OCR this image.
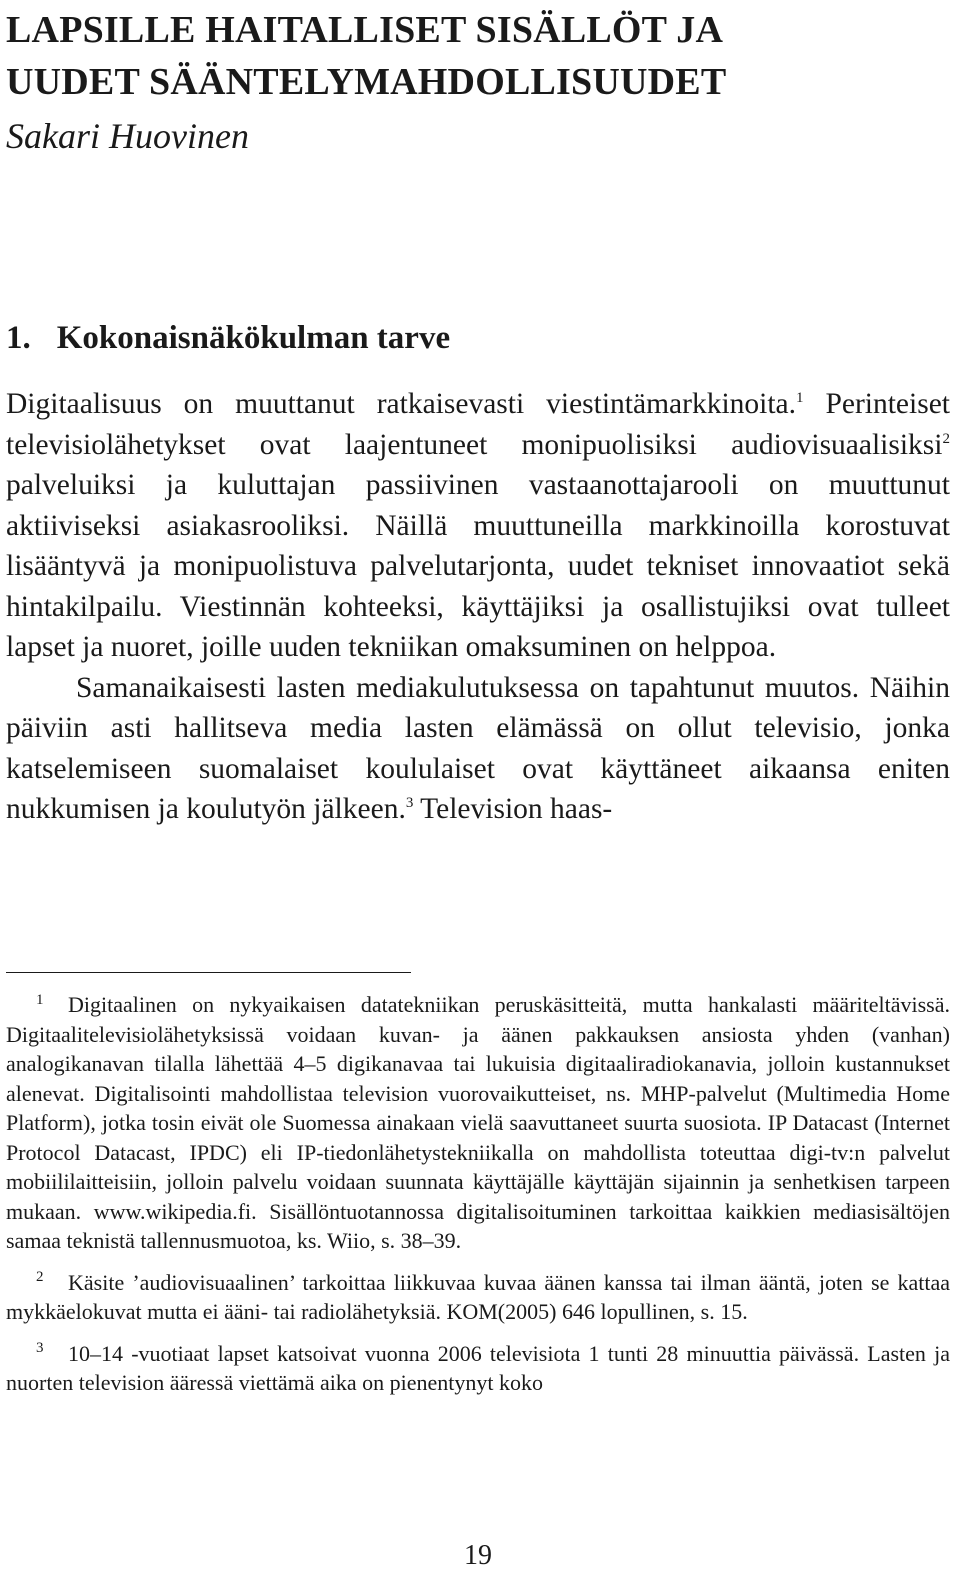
LAPSILLE HAITALLISET SISÄLLÖT JA
UUDET SÄÄNTELYMAHDOLLISUUDET
Sakari Huovinen
1. Kokonaisnäkökulman tarve

Digitaalisuus on muuttanut ratkaisevasti viestintämarkkinoita.$^1$ Perinteiset televisiolähetykset ovat laajentuneet monipuolisiksi audiovisuaalisiksi$^2$ palveluiksi ja kuluttajan passiivinen vastaanottajarooli on muuttunut aktiiviseksi asiakasrooliksi. Näillä muuttuneilla markkinoilla korostuvat lisääntyvä ja monipuolistuva palvelutarjonta, uudet tekniset innovaatiot sekä hintakilpailu. Viestinnän kohteeksi, käyttäjiksi ja osallistujiksi ovat tulleet lapset ja nuoret, joille uuden tekniikan omaksuminen on helppoa.

Samanaikaisesti lasten mediakulutuksessa on tapahtunut muutos. Näihin päiviin asti hallitseva media lasten elämässä on ollut televisio, jonka katselemiseen suomalaiset koululaiset ovat käyttäneet aikaansa eniten nukkumisen ja koulutyön jälkeen.$^3$ Television haas-

1 Digitaalinen on nykyaikaisen datatekniikan peruskäsitteitä, mutta hankalasti määriteltävissä. Digitaalitelevisiolähetyksissä voidaan kuvan- ja äänen pakkauksen ansiosta yhden (vanhan) analogikanavan tilalla lähettää 4–5 digikanavaa tai lukuisia digitaaliradiokanavia, jolloin kustannukset alenevat. Digitalisointi mahdollistaa television vuorovaikutteiset, ns. MHP-palvelut (Multimedia Home Platform), jotka tosin eivät ole Suomessa ainakaan vielä saavuttaneet suurta suosiota. IP Datacast (Internet Protocol Datacast, IPDC) eli IP-tiedonlähetystekniikalla on mahdollista toteuttaa digi-tv:n palvelut mobiililaitteisiin, jolloin palvelu voidaan suunnata käyttäjälle käyttäjän sijainnin ja senhetkisen tarpeen mukaan. www.wikipedia.fi. Sisällöntuotannossa digitalisoituminen tarkoittaa kaikkien mediasisältöjen samaa teknistä tallennusmuotoa, ks. Wiio, s. 38–39.

2 Käsite ’audiovisuaalinen’ tarkoittaa liikkuvaa kuvaa äänen kanssa tai ilman ääntä, joten se kattaa mykkäelokuvat mutta ei ääni- tai radiolähetyksiä. KOM(2005) 646 lopullinen, s. 15.

3 10–14 -vuotiaat lapset katsoivat vuonna 2006 televisiota 1 tunti 28 minuuttia päivässä. Lasten ja nuorten television ääressä viettämä aika on pienentynyt koko

19
